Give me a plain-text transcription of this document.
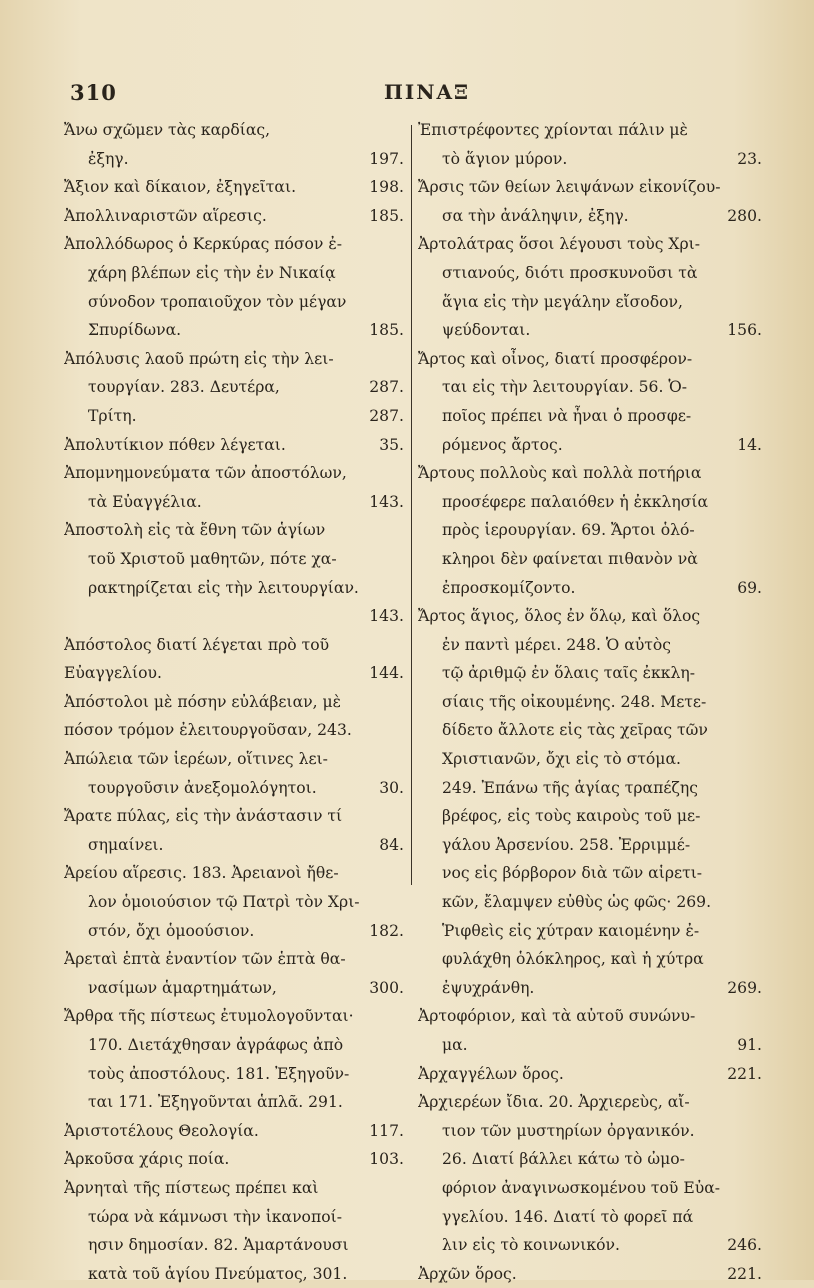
310	ΠΙΝΑΞ
Ἄνω σχῶμεν τὰς καρδίας,
ἐξηγ.	197.
Ἄξιον καὶ δίκαιον, ἐξηγεῖται.	198.
Ἀπολλιναριστῶν αἵρεσις.	185.
Ἀπολλόδωρος ὁ Κερκύρας πόσον ἐ-
χάρη βλέπων εἰς τὴν ἐν Νικαίᾳ
σύνοδον τροπαιοῦχον τὸν μέγαν
Σπυρίδωνα.	185.
Ἀπόλυσις λαοῦ πρώτη εἰς τὴν λει-
τουργίαν. 283. Δευτέρα,	287.
Τρίτη.	287.
Ἀπολυτίκιον πόθεν λέγεται.	35.
Ἀπομνημονεύματα τῶν ἀποστόλων,
τὰ Εὐαγγέλια.	143.
Ἀποστολὴ εἰς τὰ ἔθνη τῶν ἁγίων
τοῦ Χριστοῦ μαθητῶν, πότε χα-
ρακτηρίζεται εἰς τὴν λειτουργίαν.
143.
Ἀπόστολος διατί λέγεται πρὸ τοῦ
Εὐαγγελίου.	144.
Ἀπόστολοι μὲ πόσην εὐλάβειαν, μὲ
πόσον τρόμον ἐλειτουργοῦσαν, 243.
Ἀπώλεια τῶν ἱερέων, οἵτινες λει-
τουργοῦσιν ἀνεξομολόγητοι.	30.
Ἄρατε πύλας, εἰς τὴν ἀνάστασιν τί
σημαίνει.	84.
Ἀρείου αἵρεσις. 183. Ἀρειανοὶ ἤθε-
λον ὁμοιούσιον τῷ Πατρὶ τὸν Χρι-
στόν, ὄχι ὁμοούσιον.	182.
Ἀρεταὶ ἑπτὰ ἐναντίον τῶν ἑπτὰ θα-
νασίμων ἁμαρτημάτων,	300.
Ἄρθρα τῆς πίστεως ἐτυμολογοῦνται·
170. Διετάχθησαν ἀγράφως ἀπὸ
τοὺς ἀποστόλους. 181. Ἐξηγοῦν-
ται 171. Ἐξηγοῦνται ἁπλᾶ. 291.
Ἀριστοτέλους Θεολογία.	117.
Ἀρκοῦσα χάρις ποία.	103.
Ἀρνηταὶ τῆς πίστεως πρέπει καὶ
τώρα νὰ κάμνωσι τὴν ἱκανοποί-
ησιν δημοσίαν. 82. Ἁμαρτάνουσι
κατὰ τοῦ ἁγίου Πνεύματος, 301.
Ἐπιστρέφοντες χρίονται πάλιν μὲ
τὸ ἅγιον μύρον.	23.
Ἄρσις τῶν θείων λειψάνων εἰκονίζου-
σα τὴν ἀνάληψιν, ἐξηγ.	280.
Ἀρτολάτρας ὅσοι λέγουσι τοὺς Χρι-
στιανούς, διότι προσκυνοῦσι τὰ
ἅγια εἰς τὴν μεγάλην εἴσοδον,
ψεύδονται.	156.
Ἄρτος καὶ οἶνος, διατί προσφέρον-
ται εἰς τὴν λειτουργίαν. 56. Ὁ-
ποῖος πρέπει νὰ ἦναι ὁ προσφε-
ρόμενος ἄρτος.	14.
Ἄρτους πολλοὺς καὶ πολλὰ ποτήρια
προσέφερε παλαιόθεν ἡ ἐκκλησία
πρὸς ἱερουργίαν. 69. Ἄρτοι ὁλό-
κληροι δὲν φαίνεται πιθανὸν νὰ
ἐπροσκομίζοντο.	69.
Ἄρτος ἅγιος, ὅλος ἐν ὅλῳ, καὶ ὅλος
ἐν παντὶ μέρει. 248. Ὁ αὐτὸς
τῷ ἀριθμῷ ἐν ὅλαις ταῖς ἐκκλη-
σίαις τῆς οἰκουμένης. 248. Μετε-
δίδετο ἄλλοτε εἰς τὰς χεῖρας τῶν
Χριστιανῶν, ὄχι εἰς τὸ στόμα.
249. Ἐπάνω τῆς ἁγίας τραπέζης
βρέφος, εἰς τοὺς καιροὺς τοῦ με-
γάλου Ἀρσενίου. 258. Ἐρριμμέ-
νος εἰς βόρβορον διὰ τῶν αἱρετι-
κῶν, ἔλαμψεν εὐθὺς ὡς φῶς· 269.
Ῥιφθεὶς εἰς χύτραν καιομένην ἐ-
φυλάχθη ὁλόκληρος, καὶ ἡ χύτρα
ἐψυχράνθη.	269.
Ἀρτοφόριον, καὶ τὰ αὐτοῦ συνώνυ-
μα.	91.
Ἀρχαγγέλων ὅρος.	221.
Ἀρχιερέων ἴδια. 20. Ἀρχιερεὺς, αἴ-
τιον τῶν μυστηρίων ὀργανικόν.
26. Διατί βάλλει κάτω τὸ ὠμο-
φόριον ἀναγινωσκομένου τοῦ Εὐα-
γγελίου. 146. Διατί τὸ φορεῖ πά
λιν εἰς τὸ κοινωνικόν.	246.
Ἀρχῶν ὅρος.	221.
